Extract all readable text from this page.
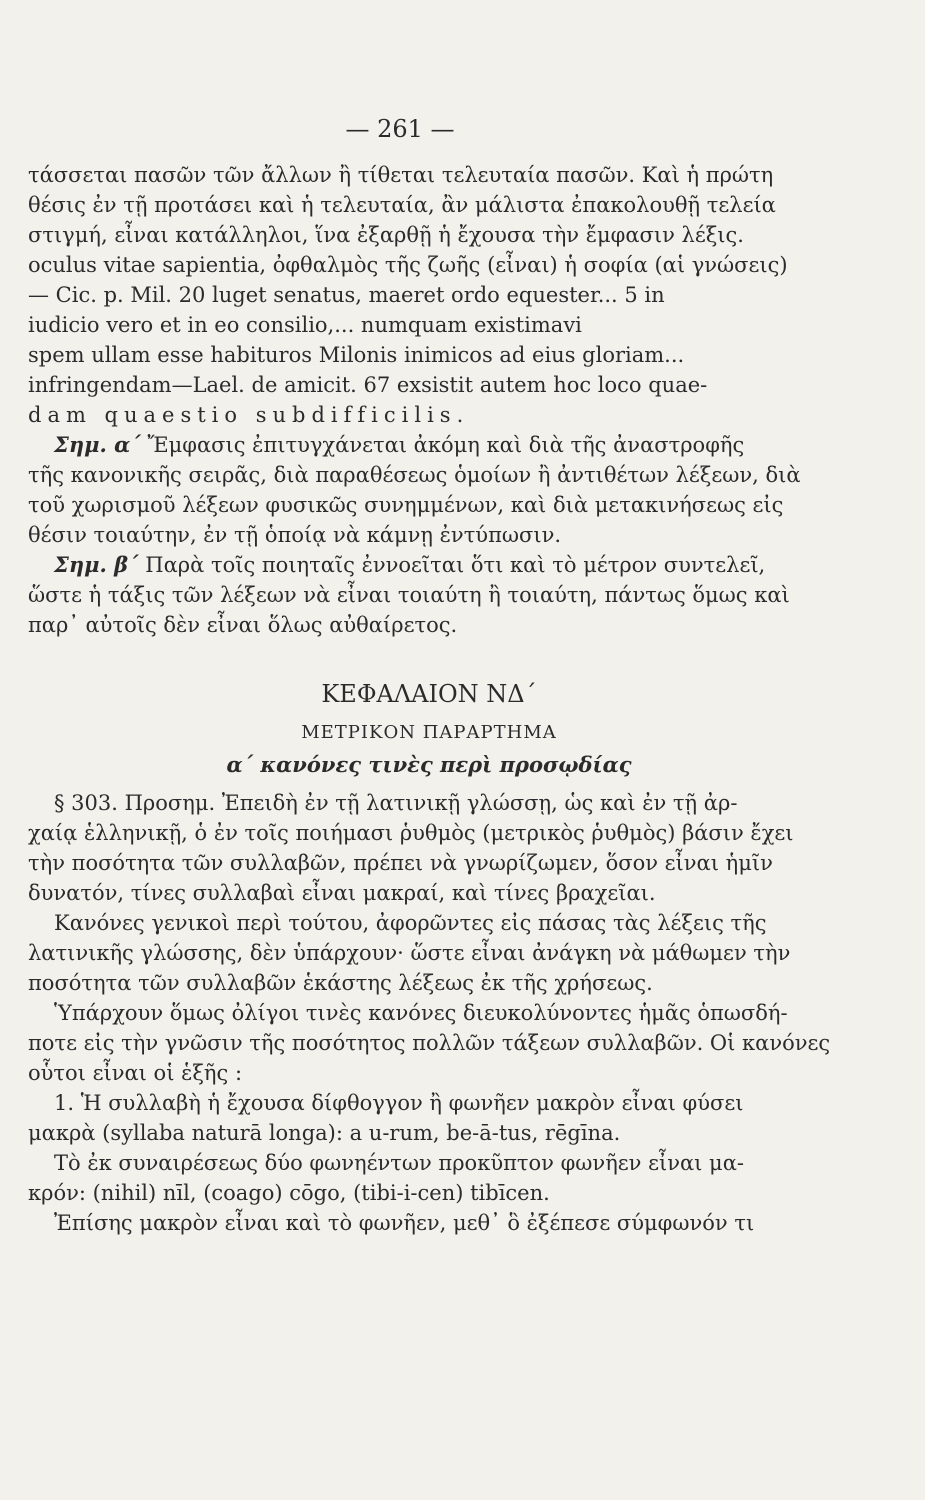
— 261 —
τάσσεται πασῶν τῶν ἄλλων ἢ τίθεται τελευταία πασῶν. Καὶ ἡ πρώτη
θέσις ἐν τῇ προτάσει καὶ ἡ τελευταία, ἂν μάλιστα ἐπακολουθῇ τελεία
στιγμή, εἶναι κατάλληλοι, ἵνα ἐξαρθῇ ἡ ἔχουσα τὴν ἔμφασιν λέξις.
oculus vitae sapientia, ὀφθαλμὸς τῆς ζωῆς (εἶναι) ἡ σοφία (αἱ γνώσεις)
— Cic. p. Mil. 20 luget senatus, maeret ordo equester... 5 in
iudicio vero et in eo consilio,... numquam existimavi
spem ullam esse habituros Milonis inimicos ad eius gloriam...
infringendam—Lael. de amicit. 67 exsistit autem hoc loco quae-
dam quaestio subdifficilis.
Σημ. α΄ Ἔμφασις ἐπιτυγχάνεται ἀκόμη καὶ διὰ τῆς ἀναστροφῆς
τῆς κανονικῆς σειρᾶς, διὰ παραθέσεως ὁμοίων ἢ ἀντιθέτων λέξεων, διὰ
τοῦ χωρισμοῦ λέξεων φυσικῶς συνημμένων, καὶ διὰ μετακινήσεως εἰς
θέσιν τοιαύτην, ἐν τῇ ὁποίᾳ νὰ κάμνῃ ἐντύπωσιν.
Σημ. β΄ Παρὰ τοῖς ποιηταῖς ἐννοεῖται ὅτι καὶ τὸ μέτρον συντελεῖ,
ὥστε ἡ τάξις τῶν λέξεων νὰ εἶναι τοιαύτη ἢ τοιαύτη, πάντως ὅμως καὶ
παρ᾽ αὐτοῖς δὲν εἶναι ὅλως αὐθαίρετος.
ΚΕΦΑΛΑΙΟΝ ΝΔ΄
ΜΕΤΡΙΚΟΝ ΠΑΡΑΡΤΗΜΑ
α΄ κανόνες τινὲς περὶ προσῳδίας
§ 303. Προσημ. Ἐπειδὴ ἐν τῇ λατινικῇ γλώσσῃ, ὡς καὶ ἐν τῇ ἀρ-
χαίᾳ ἑλληνικῇ, ὁ ἐν τοῖς ποιήμασι ῥυθμὸς (μετρικὸς ῥυθμὸς) βάσιν ἔχει
τὴν ποσότητα τῶν συλλαβῶν, πρέπει νὰ γνωρίζωμεν, ὅσον εἶναι ἡμῖν
δυνατόν, τίνες συλλαβαὶ εἶναι μακραί, καὶ τίνες βραχεῖαι.
Κανόνες γενικοὶ περὶ τούτου, ἀφορῶντες εἰς πάσας τὰς λέξεις τῆς
λατινικῆς γλώσσης, δὲν ὑπάρχουν· ὥστε εἶναι ἀνάγκη νὰ μάθωμεν τὴν
ποσότητα τῶν συλλαβῶν ἑκάστης λέξεως ἐκ τῆς χρήσεως.
Ὑπάρχουν ὅμως ὀλίγοι τινὲς κανόνες διευκολύνοντες ἡμᾶς ὁπωσδή-
ποτε εἰς τὴν γνῶσιν τῆς ποσότητος πολλῶν τάξεων συλλαβῶν. Οἱ κανόνες
οὗτοι εἶναι οἱ ἑξῆς :
1. Ἡ συλλαβὴ ἡ ἔχουσα δίφθογγον ἢ φωνῆεν μακρὸν εἶναι φύσει
μακρὰ (syllaba naturā longa): a u-rum, be-ā-tus, rēgīna.
Τὸ ἐκ συναιρέσεως δύο φωνηέντων προκῦπτον φωνῆεν εἶναι μα-
κρόν: (nihil) nīl, (coago) cōgo, (tibi-i-cen) tibīcen.
Ἐπίσης μακρὸν εἶναι καὶ τὸ φωνῆεν, μεθ᾽ ὃ ἐξέπεσε σύμφωνόν τι
